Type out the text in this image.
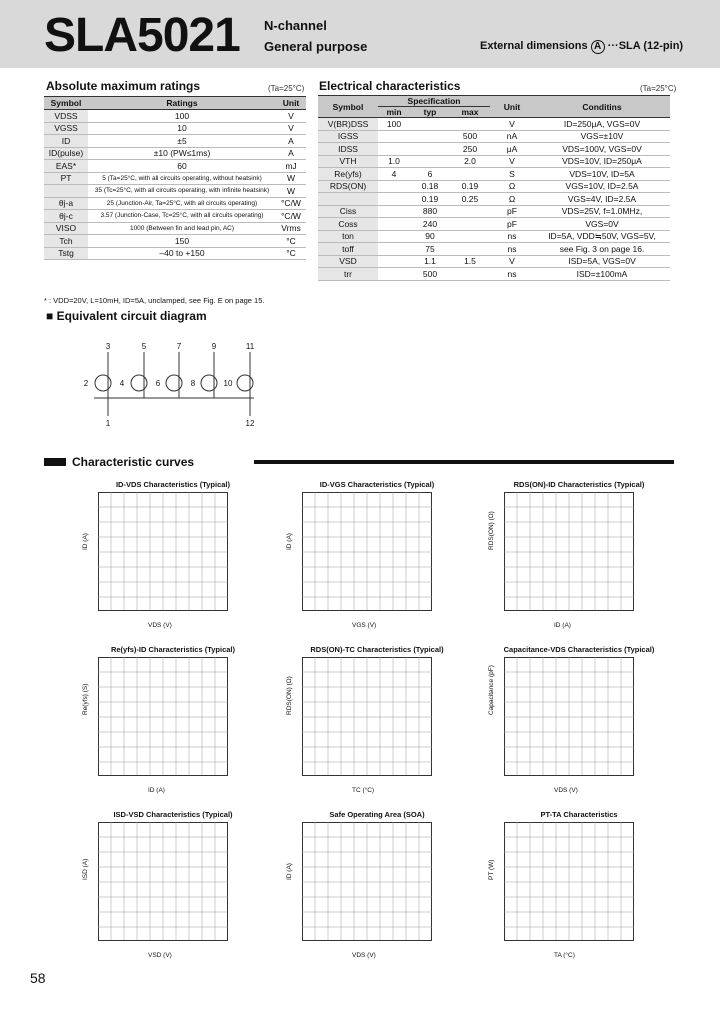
SLA5021 N-channel
General purpose	External dimensions A ···SLA (12-pin)
Absolute maximum ratings	(Ta=25°C)
Symbol	Ratings	Unit
VDSS	100	V
VGSS	10	V
ID	±5	A
ID(pulse)	±10 (PW≤1ms)	A
EAS*	60	mJ
PT	5 (Ta=25°C, with all circuits operating, without heatsink)	W
	35 (Tc=25°C, with all circuits operating, with infinite heatsink)	W
θj-a	25 (Junction-Air, Ta=25°C, with all circuits operating)	°C/W
θj-c	3.57 (Junction-Case, Tc=25°C, with all circuits operating)	°C/W
VISO	1000 (Between fin and lead pin, AC)	Vrms
Tch	150	°C
Tstg	–40 to +150	°C
* : VDD=20V, L=10mH, ID=5A, unclamped, see Fig. E on page 15.
Electrical characteristics	(Ta=25°C)
Symbol	Specification			Unit	Conditins
	min	typ	max		
V(BR)DSS	100			V	ID=250μA, VGS=0V
IGSS			500	nA	VGS=±10V
IDSS			250	μA	VDS=100V, VGS=0V
VTH	1.0		2.0	V	VDS=10V, ID=250μA
Re(yfs)	4	6		S	VDS=10V, ID=5A
RDS(ON)		0.18	0.19	Ω	VGS=10V, ID=2.5A
		0.19	0.25	Ω	VGS=4V, ID=2.5A
Ciss		880		pF	VDS=25V, f=1.0MHz,
Coss		240		pF	VGS=0V
ton		90		ns	ID=5A, VDD≒50V, VGS=5V,
toff		75		ns	see Fig. 3 on page 16.
VSD		1.1	1.5	V	ISD=5A, VGS=0V
trr		500		ns	ISD=±100mA
■ Equivalent circuit diagram
3	5	7	9	11
2	4	6	8	10
1	12
Characteristic curves
ID-VDS Characteristics (Typical)
VDS (V)
ID (A)
ID-VGS Characteristics (Typical)
VGS (V)
ID (A)
RDS(ON)-ID Characteristics (Typical)
ID (A)
RDS(ON) (Ω)
Re(yfs)-ID Characteristics (Typical)
ID (A)
Re(yfs) (S)
RDS(ON)-TC Characteristics (Typical)
TC (°C)
RDS(ON) (Ω)
Capacitance-VDS Characteristics (Typical)
VDS (V)
Capacitance (pF)
ISD-VSD Characteristics (Typical)
VSD (V)
ISD (A)
Safe Operating Area (SOA)
VDS (V)
ID (A)
PT-TA Characteristics
TA (°C)
PT (W)
58
